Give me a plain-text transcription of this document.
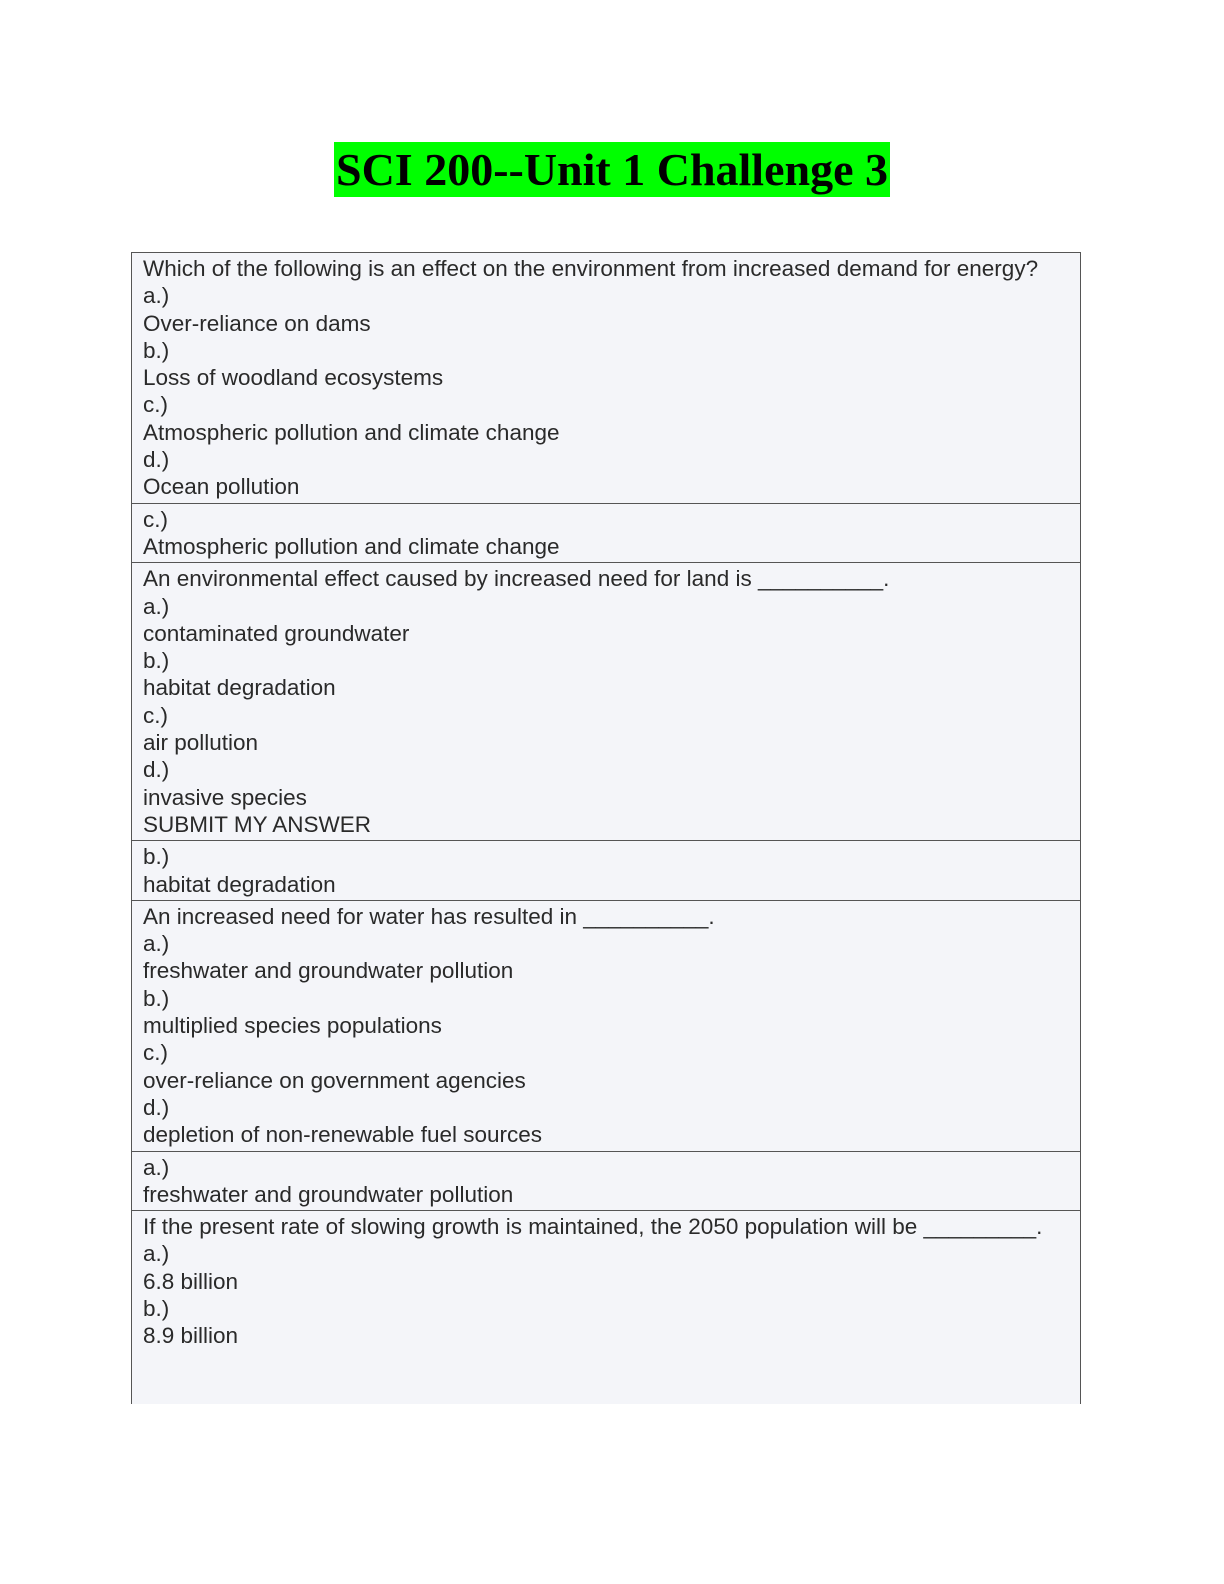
SCI 200--Unit 1 Challenge 3
Which of the following is an effect on the environment from increased demand for energy?
a.)
Over-reliance on dams
b.)
Loss of woodland ecosystems
c.)
Atmospheric pollution and climate change
d.)
Ocean pollution
c.)
Atmospheric pollution and climate change
An environmental effect caused by increased need for land is __________.
a.)
contaminated groundwater
b.)
habitat degradation
c.)
air pollution
d.)
invasive species
SUBMIT MY ANSWER
b.)
habitat degradation
An increased need for water has resulted in __________.
a.)
freshwater and groundwater pollution
b.)
multiplied species populations
c.)
over-reliance on government agencies
d.)
depletion of non-renewable fuel sources
a.)
freshwater and groundwater pollution
If the present rate of slowing growth is maintained, the 2050 population will be _________.
a.)
6.8 billion
b.)
8.9 billion
